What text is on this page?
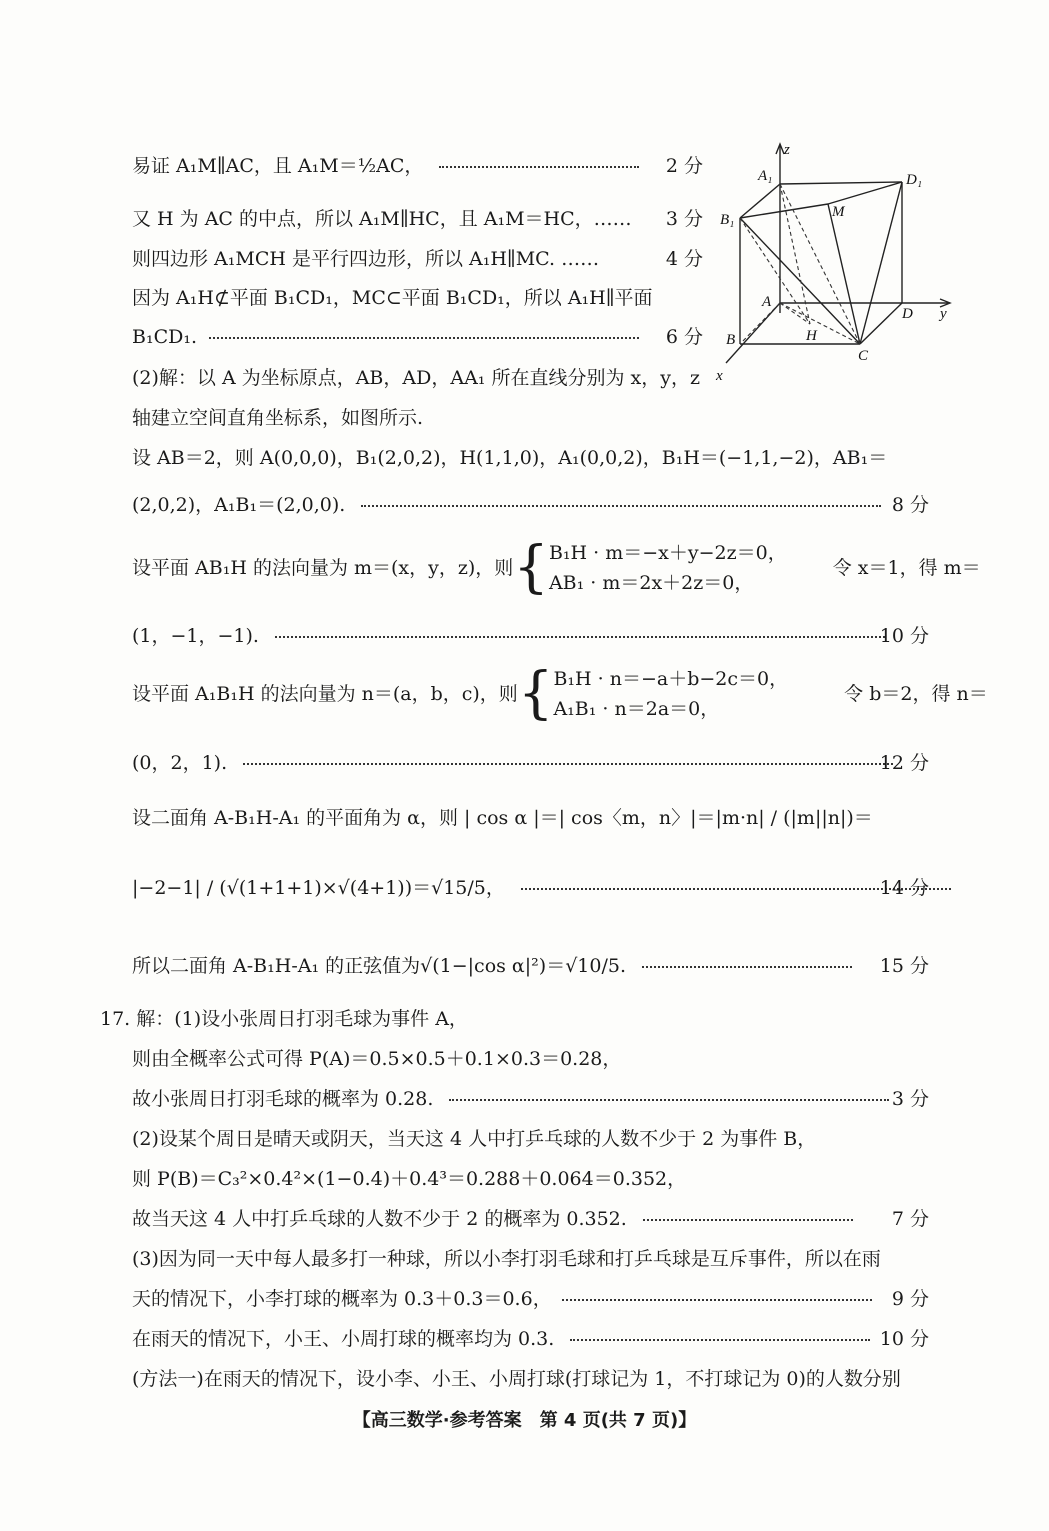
z
A₁	D₁
B₁	M
A
y
D
B	H
C
x
易证 A₁M∥AC，且 A₁M＝½AC，	2 分
又 H 为 AC 的中点，所以 A₁M∥HC，且 A₁M＝HC，…… 3 分
则四边形 A₁MCH 是平行四边形，所以 A₁H∥MC. ……	4 分
因为 A₁H⊄平面 B₁CD₁，MC⊂平面 B₁CD₁，所以 A₁H∥平面
B₁CD₁.	6 分
(2)解：以 A 为坐标原点，AB，AD，AA₁ 所在直线分别为 x，y，z
轴建立空间直角坐标系，如图所示.
设 AB＝2，则 A(0,0,0)，B₁(2,0,2)，H(1,1,0)，A₁(0,0,2)，B₁H＝(−1,1,−2)，AB₁＝
(2,0,2)，A₁B₁＝(2,0,0).	8 分
设平面 AB₁H 的法向量为 m＝(x，y，z)，则{ B₁H · m＝−x＋y−2z＝0，
AB₁ · m＝2x＋2z＝0，
令 x＝1，得 m＝
(1，−1，−1).	10 分
设平面 A₁B₁H 的法向量为 n＝(a，b，c)，则{ B₁H · n＝−a＋b−2c＝0，
A₁B₁ · n＝2a＝0，
令 b＝2，得 n＝
(0，2，1).	12 分
设二面角 A-B₁H-A₁ 的平面角为 α，则 | cos α |＝| cos〈m，n〉|＝|m·n| / (|m||n|)＝
|−2−1| / (√(1+1+1)×√(4+1))＝√15/5，	14 分
所以二面角 A-B₁H-A₁ 的正弦值为√(1−|cos α|²)＝√10/5.	15 分
17. 解：(1)设小张周日打羽毛球为事件 A，
则由全概率公式可得 P(A)＝0.5×0.5＋0.1×0.3＝0.28，
故小张周日打羽毛球的概率为 0.28.	3 分
(2)设某个周日是晴天或阴天，当天这 4 人中打乒乓球的人数不少于 2 为事件 B，
则 P(B)＝C₃²×0.4²×(1−0.4)＋0.4³＝0.288＋0.064＝0.352，
故当天这 4 人中打乒乓球的人数不少于 2 的概率为 0.352.	7 分
(3)因为同一天中每人最多打一种球，所以小李打羽毛球和打乒乓球是互斥事件，所以在雨
天的情况下，小李打球的概率为 0.3＋0.3＝0.6，	9 分
在雨天的情况下，小王、小周打球的概率均为 0.3.	10 分
(方法一)在雨天的情况下，设小李、小王、小周打球(打球记为 1，不打球记为 0)的人数分别
【高三数学·参考答案　第 4 页(共 7 页)】
